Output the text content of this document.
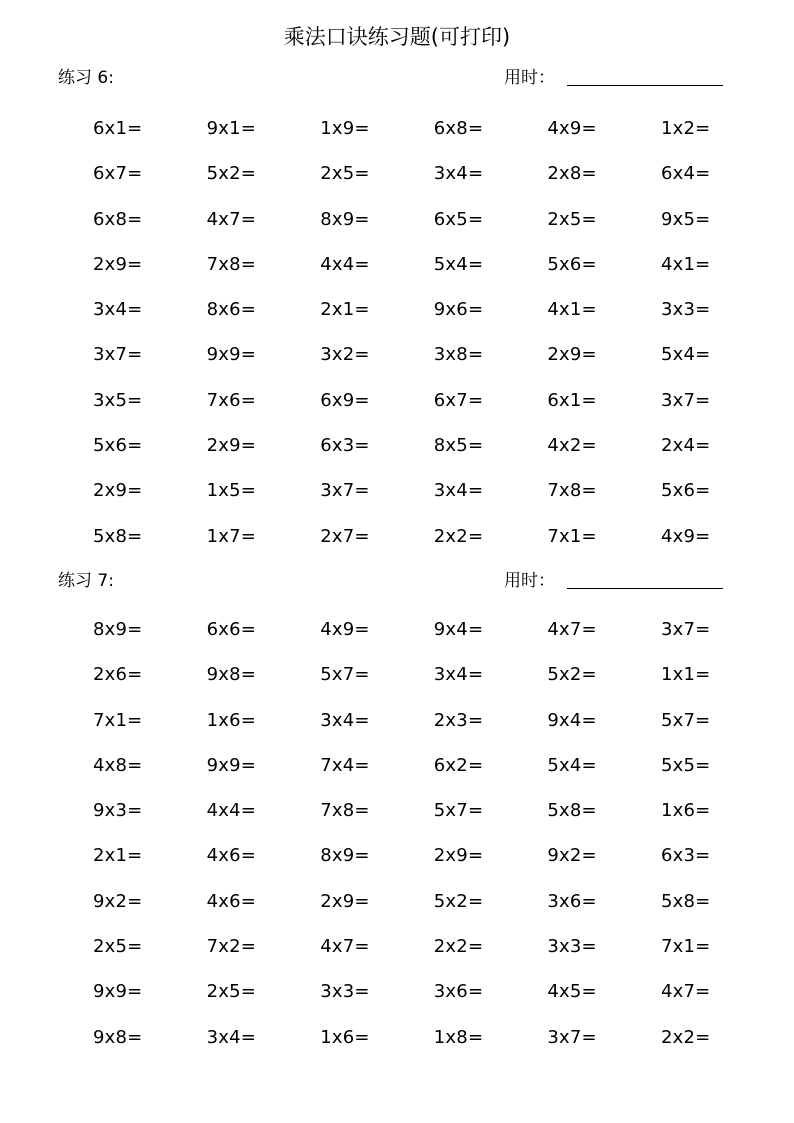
乘法口诀练习题(可打印)
练习 6:	用时：
6x1=	9x1=	1x9=	6x8=	4x9=	1x2=
6x7=	5x2=	2x5=	3x4=	2x8=	6x4=
6x8=	4x7=	8x9=	6x5=	2x5=	9x5=
2x9=	7x8=	4x4=	5x4=	5x6=	4x1=
3x4=	8x6=	2x1=	9x6=	4x1=	3x3=
3x7=	9x9=	3x2=	3x8=	2x9=	5x4=
3x5=	7x6=	6x9=	6x7=	6x1=	3x7=
5x6=	2x9=	6x3=	8x5=	4x2=	2x4=
2x9=	1x5=	3x7=	3x4=	7x8=	5x6=
5x8=	1x7=	2x7=	2x2=	7x1=	4x9=
练习 7:	用时：
8x9=	6x6=	4x9=	9x4=	4x7=	3x7=
2x6=	9x8=	5x7=	3x4=	5x2=	1x1=
7x1=	1x6=	3x4=	2x3=	9x4=	5x7=
4x8=	9x9=	7x4=	6x2=	5x4=	5x5=
9x3=	4x4=	7x8=	5x7=	5x8=	1x6=
2x1=	4x6=	8x9=	2x9=	9x2=	6x3=
9x2=	4x6=	2x9=	5x2=	3x6=	5x8=
2x5=	7x2=	4x7=	2x2=	3x3=	7x1=
9x9=	2x5=	3x3=	3x6=	4x5=	4x7=
9x8=	3x4=	1x6=	1x8=	3x7=	2x2=
